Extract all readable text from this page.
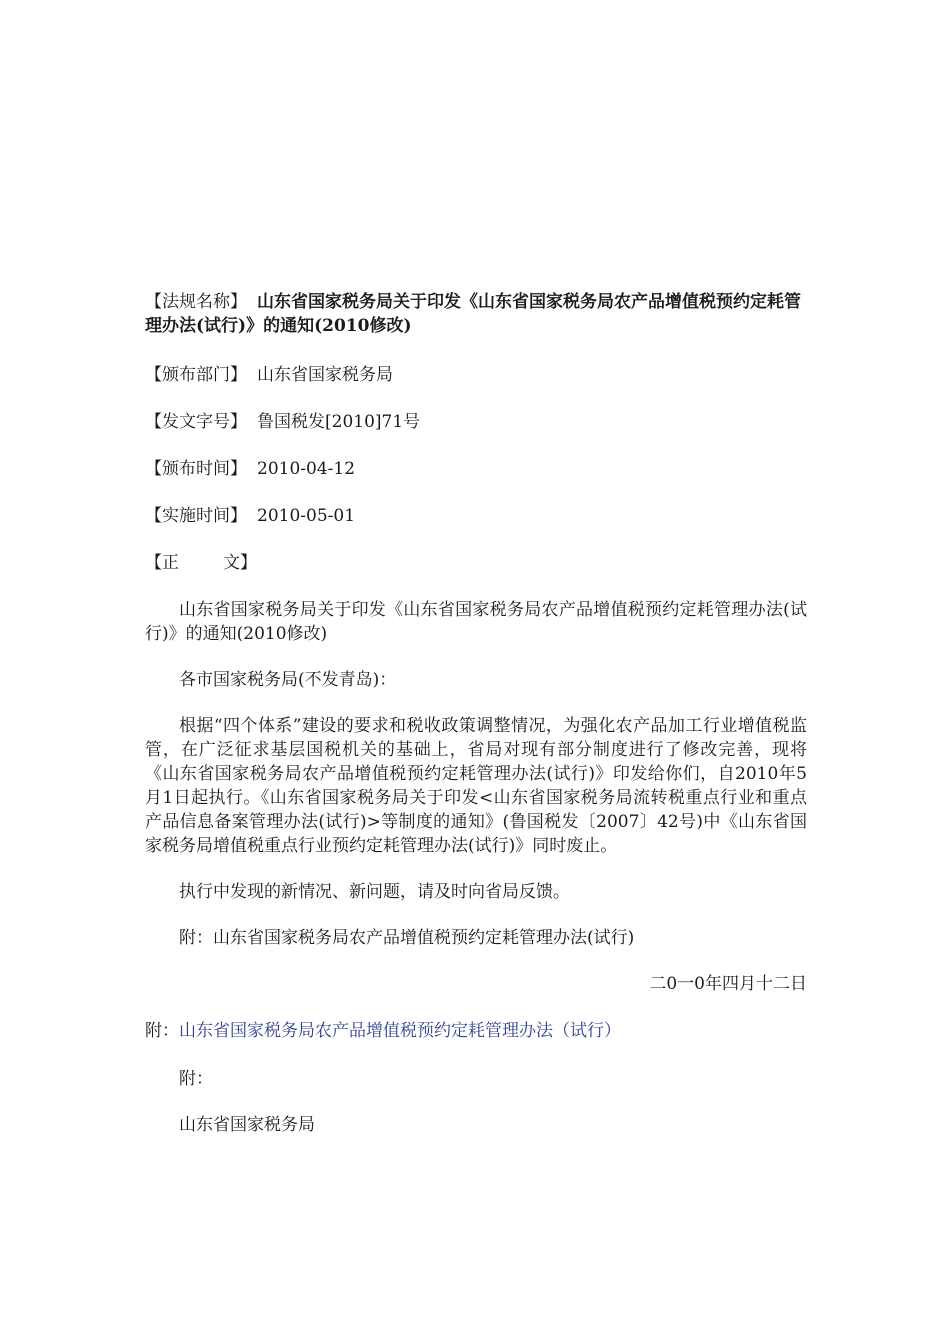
【法规名称】 山东省国家税务局关于印发《山东省国家税务局农产品增值税预约定耗管理办法(试行)》的通知(2010修改)

【颁布部门】 山东省国家税务局

【发文字号】 鲁国税发[2010]71号

【颁布时间】 2010-04-12

【实施时间】 2010-05-01

【正	文】

山东省国家税务局关于印发《山东省国家税务局农产品增值税预约定耗管理办法(试行)》的通知(2010修改)

各市国家税务局(不发青岛)：

根据“四个体系”建设的要求和税收政策调整情况，为强化农产品加工行业增值税监管，在广泛征求基层国税机关的基础上，省局对现有部分制度进行了修改完善，现将《山东省国家税务局农产品增值税预约定耗管理办法(试行)》印发给你们，自2010年5月1日起执行。《山东省国家税务局关于印发<山东省国家税务局流转税重点行业和重点产品信息备案管理办法(试行)>等制度的通知》(鲁国税发〔2007〕42号)中《山东省国家税务局增值税重点行业预约定耗管理办法(试行)》同时废止。

执行中发现的新情况、新问题，请及时向省局反馈。

附：山东省国家税务局农产品增值税预约定耗管理办法(试行)

二0一0年四月十二日

附：山东省国家税务局农产品增值税预约定耗管理办法（试行）

附：

山东省国家税务局
